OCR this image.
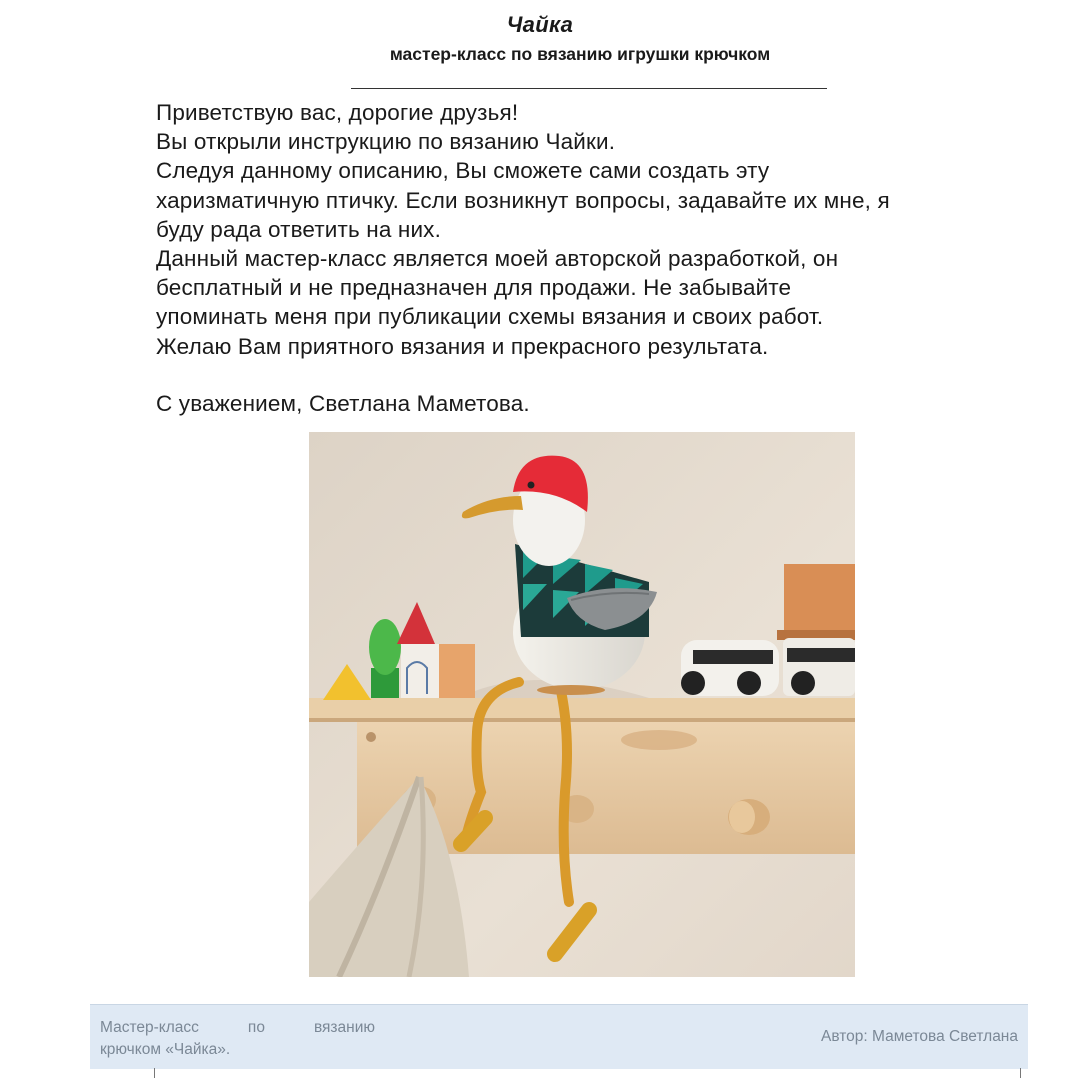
Чайка
мастер-класс по вязанию игрушки крючком

Приветствую вас, дорогие друзья!

Вы открыли инструкцию по вязанию Чайки.

Следуя данному описанию, Вы сможете сами создать эту

харизматичную птичку. Если возникнут вопросы, задавайте их мне, я

буду рада ответить на них.

Данный мастер-класс является моей авторской разработкой, он

бесплатный и не предназначен для продажи. Не забывайте

упоминать меня при публикации схемы вязания и своих работ.

Желаю Вам приятного вязания и прекрасного результата.

С уважением, Светлана Маметова.

Мастер-класс	по	вязанию
крючком «Чайка».
Автор: Маметова Светлана
